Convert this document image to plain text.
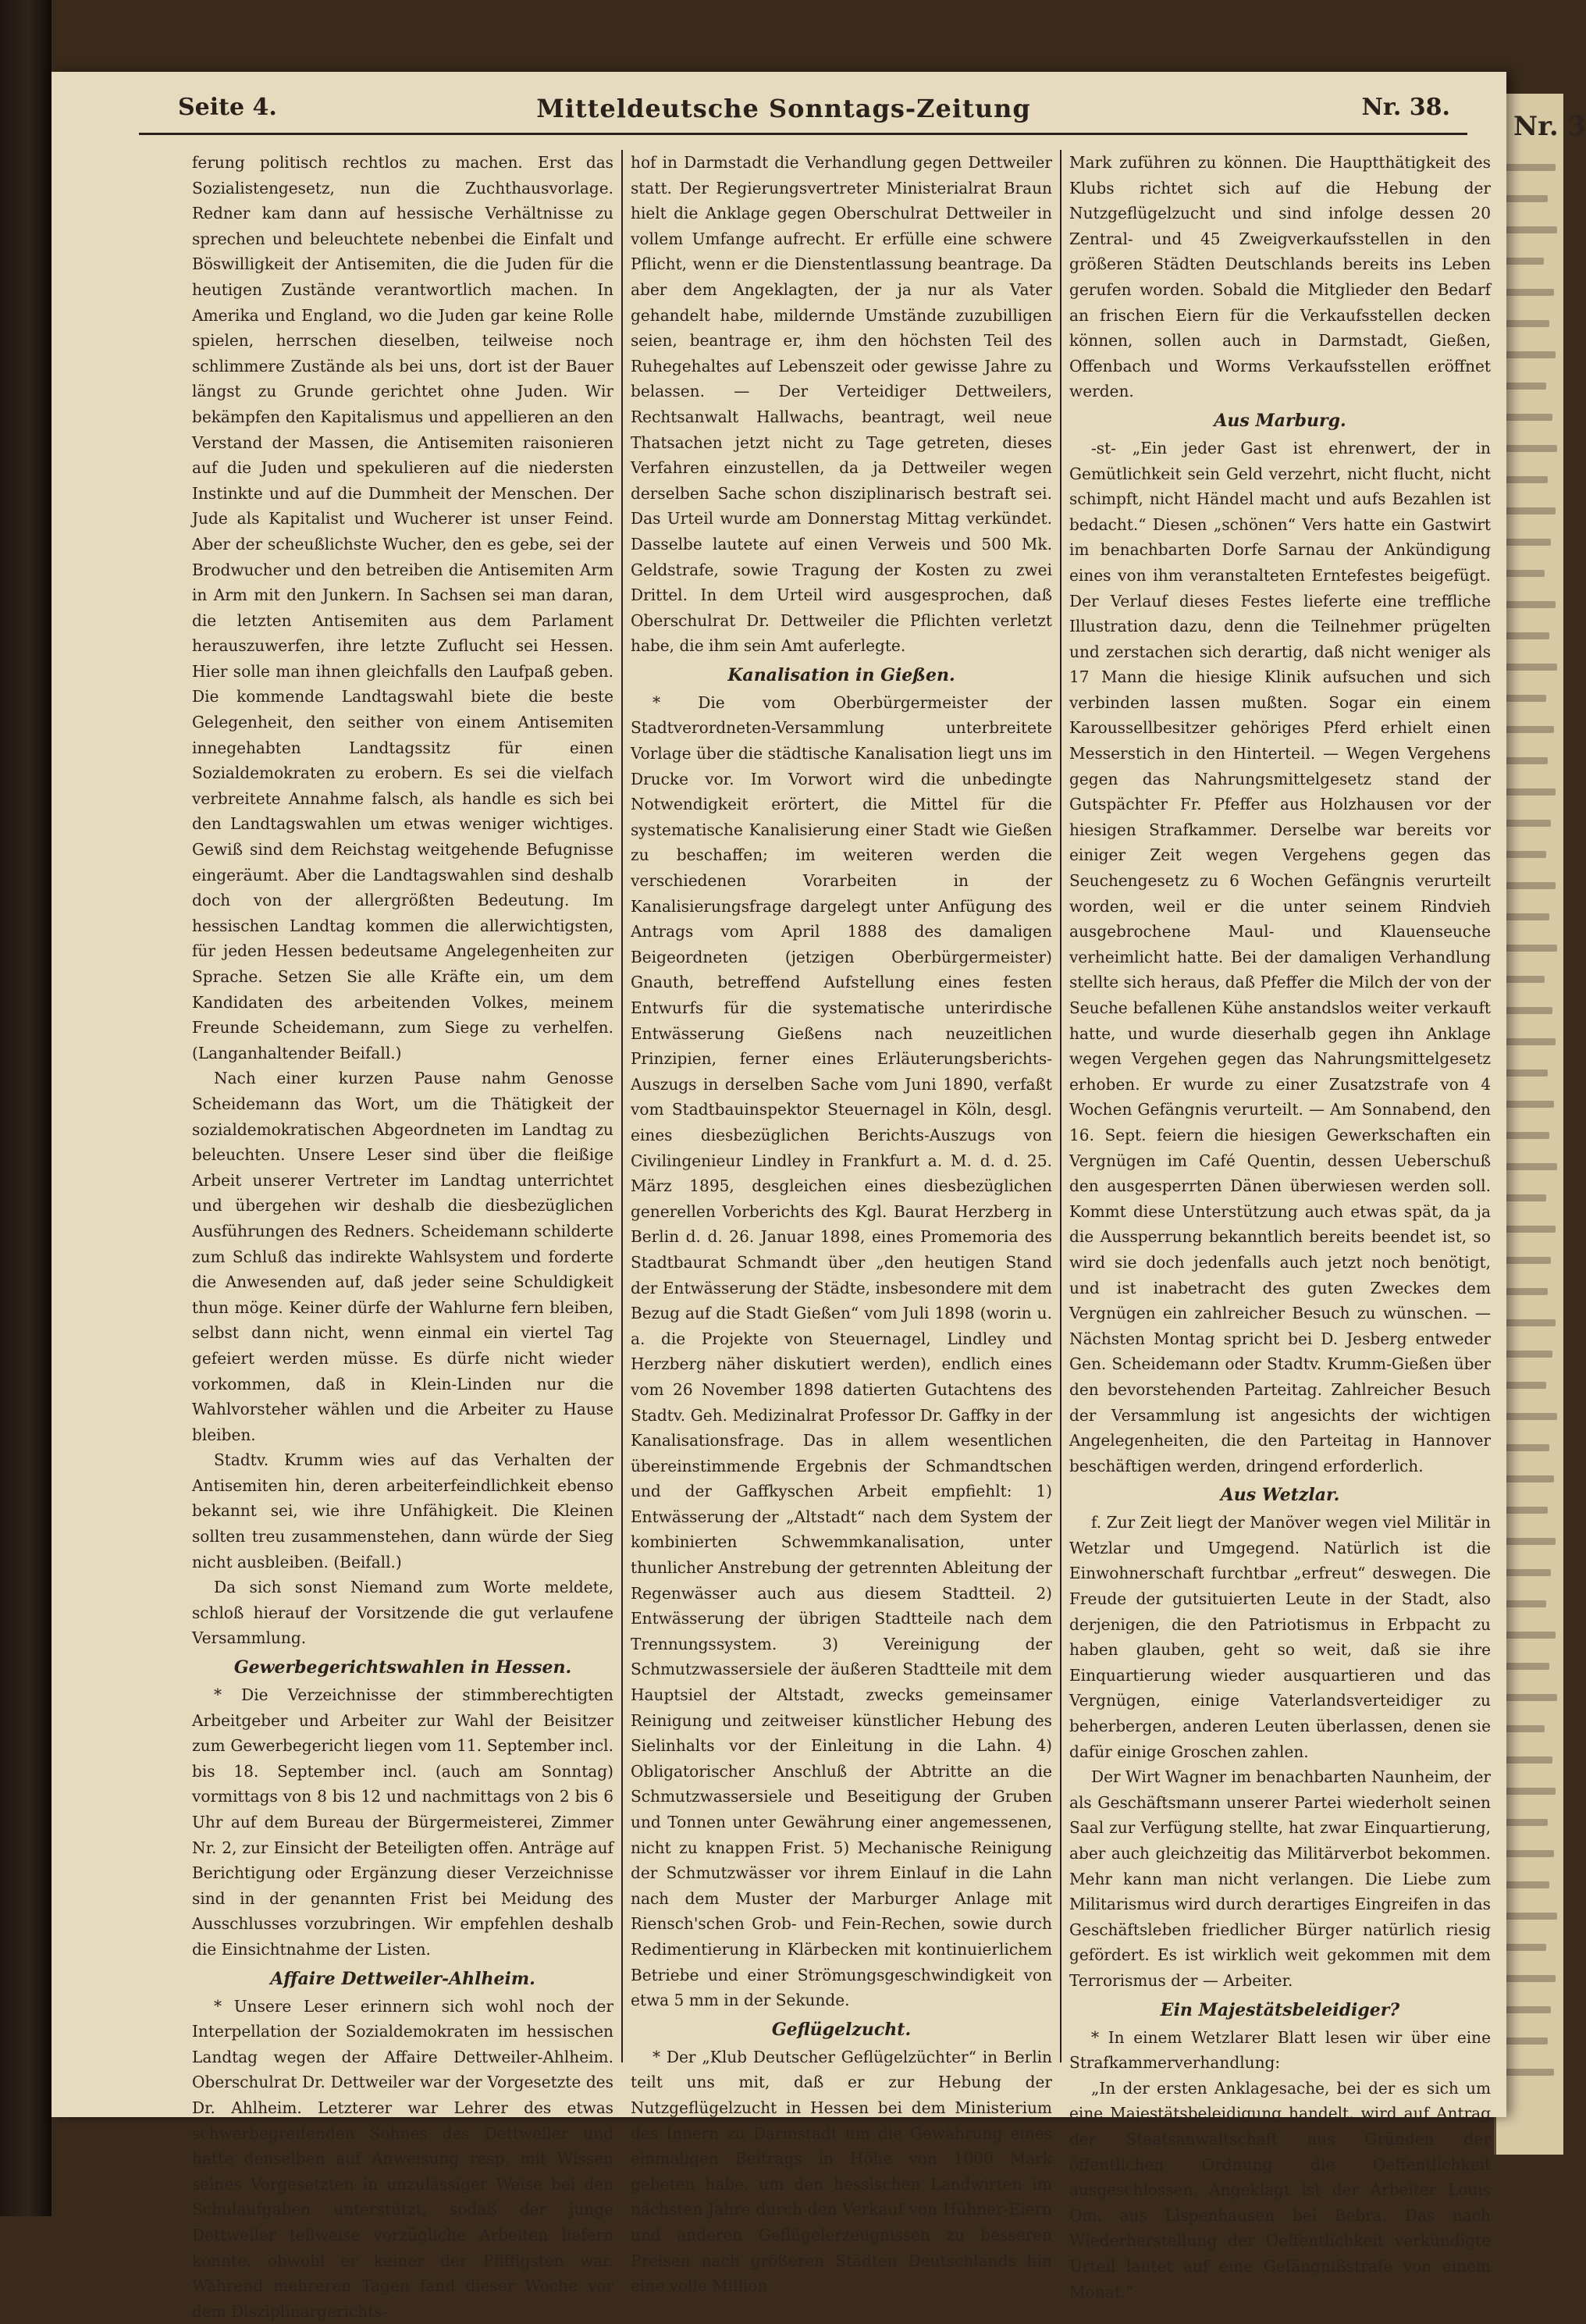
Nr. 3
Seite 4.	Mitteldeutsche Sonntags-Zeitung	Nr. 38.

ferung politisch rechtlos zu machen. Erst das Sozialistengesetz, nun die Zuchthausvorlage. Redner kam dann auf hessische Verhältnisse zu sprechen und beleuchtete nebenbei die Einfalt und Böswilligkeit der Antisemiten, die die Juden für die heutigen Zustände verantwortlich machen. In Amerika und England, wo die Juden gar keine Rolle spielen, herrschen dieselben, teilweise noch schlimmere Zustände als bei uns, dort ist der Bauer längst zu Grunde gerichtet ohne Juden. Wir bekämpfen den Kapitalismus und appellieren an den Verstand der Massen, die Antisemiten raisonieren auf die Juden und spekulieren auf die niedersten Instinkte und auf die Dummheit der Menschen. Der Jude als Kapitalist und Wucherer ist unser Feind. Aber der scheußlichste Wucher, den es gebe, sei der Brodwucher und den betreiben die Antisemiten Arm in Arm mit den Junkern. In Sachsen sei man daran, die letzten Antisemiten aus dem Parlament herauszuwerfen, ihre letzte Zuflucht sei Hessen. Hier solle man ihnen gleichfalls den Laufpaß geben. Die kommende Landtagswahl biete die beste Gelegenheit, den seither von einem Antisemiten innegehabten Landtagssitz für einen Sozialdemokraten zu erobern. Es sei die vielfach verbreitete Annahme falsch, als handle es sich bei den Landtagswahlen um etwas weniger wichtiges. Gewiß sind dem Reichstag weitgehende Befugnisse eingeräumt. Aber die Landtagswahlen sind deshalb doch von der allergrößten Bedeutung. Im hessischen Landtag kommen die allerwichtigsten, für jeden Hessen bedeutsame Angelegenheiten zur Sprache. Setzen Sie alle Kräfte ein, um dem Kandidaten des arbeitenden Volkes, meinem Freunde Scheidemann, zum Siege zu verhelfen. (Langanhaltender Beifall.)

Nach einer kurzen Pause nahm Genosse Scheidemann das Wort, um die Thätigkeit der sozialdemokratischen Abgeordneten im Landtag zu beleuchten. Unsere Leser sind über die fleißige Arbeit unserer Vertreter im Landtag unterrichtet und übergehen wir deshalb die diesbezüglichen Ausführungen des Redners. Scheidemann schilderte zum Schluß das indirekte Wahlsystem und forderte die Anwesenden auf, daß jeder seine Schuldigkeit thun möge. Keiner dürfe der Wahlurne fern bleiben, selbst dann nicht, wenn einmal ein viertel Tag gefeiert werden müsse. Es dürfe nicht wieder vorkommen, daß in Klein-Linden nur die Wahlvorsteher wählen und die Arbeiter zu Hause bleiben.

Stadtv. Krumm wies auf das Verhalten der Antisemiten hin, deren arbeiterfeindlichkeit ebenso bekannt sei, wie ihre Unfähigkeit. Die Kleinen sollten treu zusammenstehen, dann würde der Sieg nicht ausbleiben. (Beifall.)

Da sich sonst Niemand zum Worte meldete, schloß hierauf der Vorsitzende die gut verlaufene Versammlung.

Gewerbegerichtswahlen in Hessen.

* Die Verzeichnisse der stimmberechtigten Arbeitgeber und Arbeiter zur Wahl der Beisitzer zum Gewerbegericht liegen vom 11. September incl. bis 18. September incl. (auch am Sonntag) vormittags von 8 bis 12 und nachmittags von 2 bis 6 Uhr auf dem Bureau der Bürgermeisterei, Zimmer Nr. 2, zur Einsicht der Beteiligten offen. Anträge auf Berichtigung oder Ergänzung dieser Verzeichnisse sind in der genannten Frist bei Meidung des Ausschlusses vorzubringen. Wir empfehlen deshalb die Einsichtnahme der Listen.

Affaire Dettweiler-Ahlheim.

* Unsere Leser erinnern sich wohl noch der Interpellation der Sozialdemokraten im hessischen Landtag wegen der Affaire Dettweiler-Ahlheim. Oberschulrat Dr. Dettweiler war der Vorgesetzte des Dr. Ahlheim. Letzterer war Lehrer des etwas schwerbegreifenden Sohnes des Dettweiler und hatte denselben auf Anweisung resp. mit Wissen seines Vorgesetzten in unzulässiger Weise bei den Schulaufgaben unterstützt, sodaß der junge Dettweiler teilweise vorzügliche Arbeiten liefern konnte, obwohl er keiner der Pfiffigsten war. Während mehreren Tagen fand dieser Woche vor dem Disziplinargerichts-

hof in Darmstadt die Verhandlung gegen Dettweiler statt. Der Regierungsvertreter Ministerialrat Braun hielt die Anklage gegen Oberschulrat Dettweiler in vollem Umfange aufrecht. Er erfülle eine schwere Pflicht, wenn er die Dienstentlassung beantrage. Da aber dem Angeklagten, der ja nur als Vater gehandelt habe, mildernde Umstände zuzubilligen seien, beantrage er, ihm den höchsten Teil des Ruhegehaltes auf Lebenszeit oder gewisse Jahre zu belassen. — Der Verteidiger Dettweilers, Rechtsanwalt Hallwachs, beantragt, weil neue Thatsachen jetzt nicht zu Tage getreten, dieses Verfahren einzustellen, da ja Dettweiler wegen derselben Sache schon disziplinarisch bestraft sei. Das Urteil wurde am Donnerstag Mittag verkündet. Dasselbe lautete auf einen Verweis und 500 Mk. Geldstrafe, sowie Tragung der Kosten zu zwei Drittel. In dem Urteil wird ausgesprochen, daß Oberschulrat Dr. Dettweiler die Pflichten verletzt habe, die ihm sein Amt auferlegte.

Kanalisation in Gießen.

* Die vom Oberbürgermeister der Stadtverordneten-Versammlung unterbreitete Vorlage über die städtische Kanalisation liegt uns im Drucke vor. Im Vorwort wird die unbedingte Notwendigkeit erörtert, die Mittel für die systematische Kanalisierung einer Stadt wie Gießen zu beschaffen; im weiteren werden die verschiedenen Vorarbeiten in der Kanalisierungsfrage dargelegt unter Anfügung des Antrags vom April 1888 des damaligen Beigeordneten (jetzigen Oberbürgermeister) Gnauth, betreffend Aufstellung eines festen Entwurfs für die systematische unterirdische Entwässerung Gießens nach neuzeitlichen Prinzipien, ferner eines Erläuterungsberichts-Auszugs in derselben Sache vom Juni 1890, verfaßt vom Stadtbauinspektor Steuernagel in Köln, desgl. eines diesbezüglichen Berichts-Auszugs von Civilingenieur Lindley in Frankfurt a. M. d. d. 25. März 1895, desgleichen eines diesbezüglichen generellen Vorberichts des Kgl. Baurat Herzberg in Berlin d. d. 26. Januar 1898, eines Promemoria des Stadtbaurat Schmandt über „den heutigen Stand der Entwässerung der Städte, insbesondere mit dem Bezug auf die Stadt Gießen“ vom Juli 1898 (worin u. a. die Projekte von Steuernagel, Lindley und Herzberg näher diskutiert werden), endlich eines vom 26 November 1898 datierten Gutachtens des Stadtv. Geh. Medizinalrat Professor Dr. Gaffky in der Kanalisationsfrage. Das in allem wesentlichen übereinstimmende Ergebnis der Schmandtschen und der Gaffkyschen Arbeit empfiehlt: 1) Entwässerung der „Altstadt“ nach dem System der kombinierten Schwemmkanalisation, unter thunlicher Anstrebung der getrennten Ableitung der Regenwässer auch aus diesem Stadtteil. 2) Entwässerung der übrigen Stadtteile nach dem Trennungssystem. 3) Vereinigung der Schmutzwassersiele der äußeren Stadtteile mit dem Hauptsiel der Altstadt, zwecks gemeinsamer Reinigung und zeitweiser künstlicher Hebung des Sielinhalts vor der Einleitung in die Lahn. 4) Obligatorischer Anschluß der Abtritte an die Schmutzwassersiele und Beseitigung der Gruben und Tonnen unter Gewährung einer angemessenen, nicht zu knappen Frist. 5) Mechanische Reinigung der Schmutzwässer vor ihrem Einlauf in die Lahn nach dem Muster der Marburger Anlage mit Riensch'schen Grob- und Fein-Rechen, sowie durch Redimentierung in Klärbecken mit kontinuierlichem Betriebe und einer Strömungsgeschwindigkeit von etwa 5 mm in der Sekunde.

Geflügelzucht.

* Der „Klub Deutscher Geflügelzüchter“ in Berlin teilt uns mit, daß er zur Hebung der Nutzgeflügelzucht in Hessen bei dem Ministerium des Innern zu Darmstadt um die Gewährung eines einmaligen Beitrags in Höhe von 1000 Mark gebeten habe, um den hessischen Landwirten im nächsten Jahre durch den Verkauf von Hühner-Eiern und anderen Geflügelerzeugnissen zu besseren Preisen nach größeren Städten Deutschlands hin eine volle Million

Mark zuführen zu können. Die Hauptthätigkeit des Klubs richtet sich auf die Hebung der Nutzgeflügelzucht und sind infolge dessen 20 Zentral- und 45 Zweigverkaufsstellen in den größeren Städten Deutschlands bereits ins Leben gerufen worden. Sobald die Mitglieder den Bedarf an frischen Eiern für die Verkaufsstellen decken können, sollen auch in Darmstadt, Gießen, Offenbach und Worms Verkaufsstellen eröffnet werden.

Aus Marburg.

-st- „Ein jeder Gast ist ehrenwert, der in Gemütlichkeit sein Geld verzehrt, nicht flucht, nicht schimpft, nicht Händel macht und aufs Bezahlen ist bedacht.“ Diesen „schönen“ Vers hatte ein Gastwirt im benachbarten Dorfe Sarnau der Ankündigung eines von ihm veranstalteten Erntefestes beigefügt. Der Verlauf dieses Festes lieferte eine treffliche Illustration dazu, denn die Teilnehmer prügelten und zerstachen sich derartig, daß nicht weniger als 17 Mann die hiesige Klinik aufsuchen und sich verbinden lassen mußten. Sogar ein einem Karoussellbesitzer gehöriges Pferd erhielt einen Messerstich in den Hinterteil. — Wegen Vergehens gegen das Nahrungsmittelgesetz stand der Gutspächter Fr. Pfeffer aus Holzhausen vor der hiesigen Strafkammer. Derselbe war bereits vor einiger Zeit wegen Vergehens gegen das Seuchengesetz zu 6 Wochen Gefängnis verurteilt worden, weil er die unter seinem Rindvieh ausgebrochene Maul- und Klauenseuche verheimlicht hatte. Bei der damaligen Verhandlung stellte sich heraus, daß Pfeffer die Milch der von der Seuche befallenen Kühe anstandslos weiter verkauft hatte, und wurde dieserhalb gegen ihn Anklage wegen Vergehen gegen das Nahrungsmittelgesetz erhoben. Er wurde zu einer Zusatzstrafe von 4 Wochen Gefängnis verurteilt. — Am Sonnabend, den 16. Sept. feiern die hiesigen Gewerkschaften ein Vergnügen im Café Quentin, dessen Ueberschuß den ausgesperrten Dänen überwiesen werden soll. Kommt diese Unterstützung auch etwas spät, da ja die Aussperrung bekanntlich bereits beendet ist, so wird sie doch jedenfalls auch jetzt noch benötigt, und ist inabetracht des guten Zweckes dem Vergnügen ein zahlreicher Besuch zu wünschen. — Nächsten Montag spricht bei D. Jesberg entweder Gen. Scheidemann oder Stadtv. Krumm-Gießen über den bevorstehenden Parteitag. Zahlreicher Besuch der Versammlung ist angesichts der wichtigen Angelegenheiten, die den Parteitag in Hannover beschäftigen werden, dringend erforderlich.

Aus Wetzlar.

f. Zur Zeit liegt der Manöver wegen viel Militär in Wetzlar und Umgegend. Natürlich ist die Einwohnerschaft furchtbar „erfreut“ deswegen. Die Freude der gutsituierten Leute in der Stadt, also derjenigen, die den Patriotismus in Erbpacht zu haben glauben, geht so weit, daß sie ihre Einquartierung wieder ausquartieren und das Vergnügen, einige Vaterlandsverteidiger zu beherbergen, anderen Leuten überlassen, denen sie dafür einige Groschen zahlen.

Der Wirt Wagner im benachbarten Naunheim, der als Geschäftsmann unserer Partei wiederholt seinen Saal zur Verfügung stellte, hat zwar Einquartierung, aber auch gleichzeitig das Militärverbot bekommen. Mehr kann man nicht verlangen. Die Liebe zum Militarismus wird durch derartiges Eingreifen in das Geschäftsleben friedlicher Bürger natürlich riesig gefördert. Es ist wirklich weit gekommen mit dem Terrorismus der — Arbeiter.

Ein Majestätsbeleidiger?

* In einem Wetzlarer Blatt lesen wir über eine Strafkammerverhandlung:

„In der ersten Anklagesache, bei der es sich um eine Majestätsbeleidigung handelt, wird auf Antrag der Staatsanwaltschaft aus Gründen der öffentlichen Ordnung die Oeffentlichkeit ausgeschlossen. Angeklagt ist der Arbeiter Louis Om. aus Lispenhausen bei Bebra. Das nach Wiederherstellung der Oeffentlichkeit verkündigte Urteil lautet auf eine Gefängnißstrafe von einem Monat.“
